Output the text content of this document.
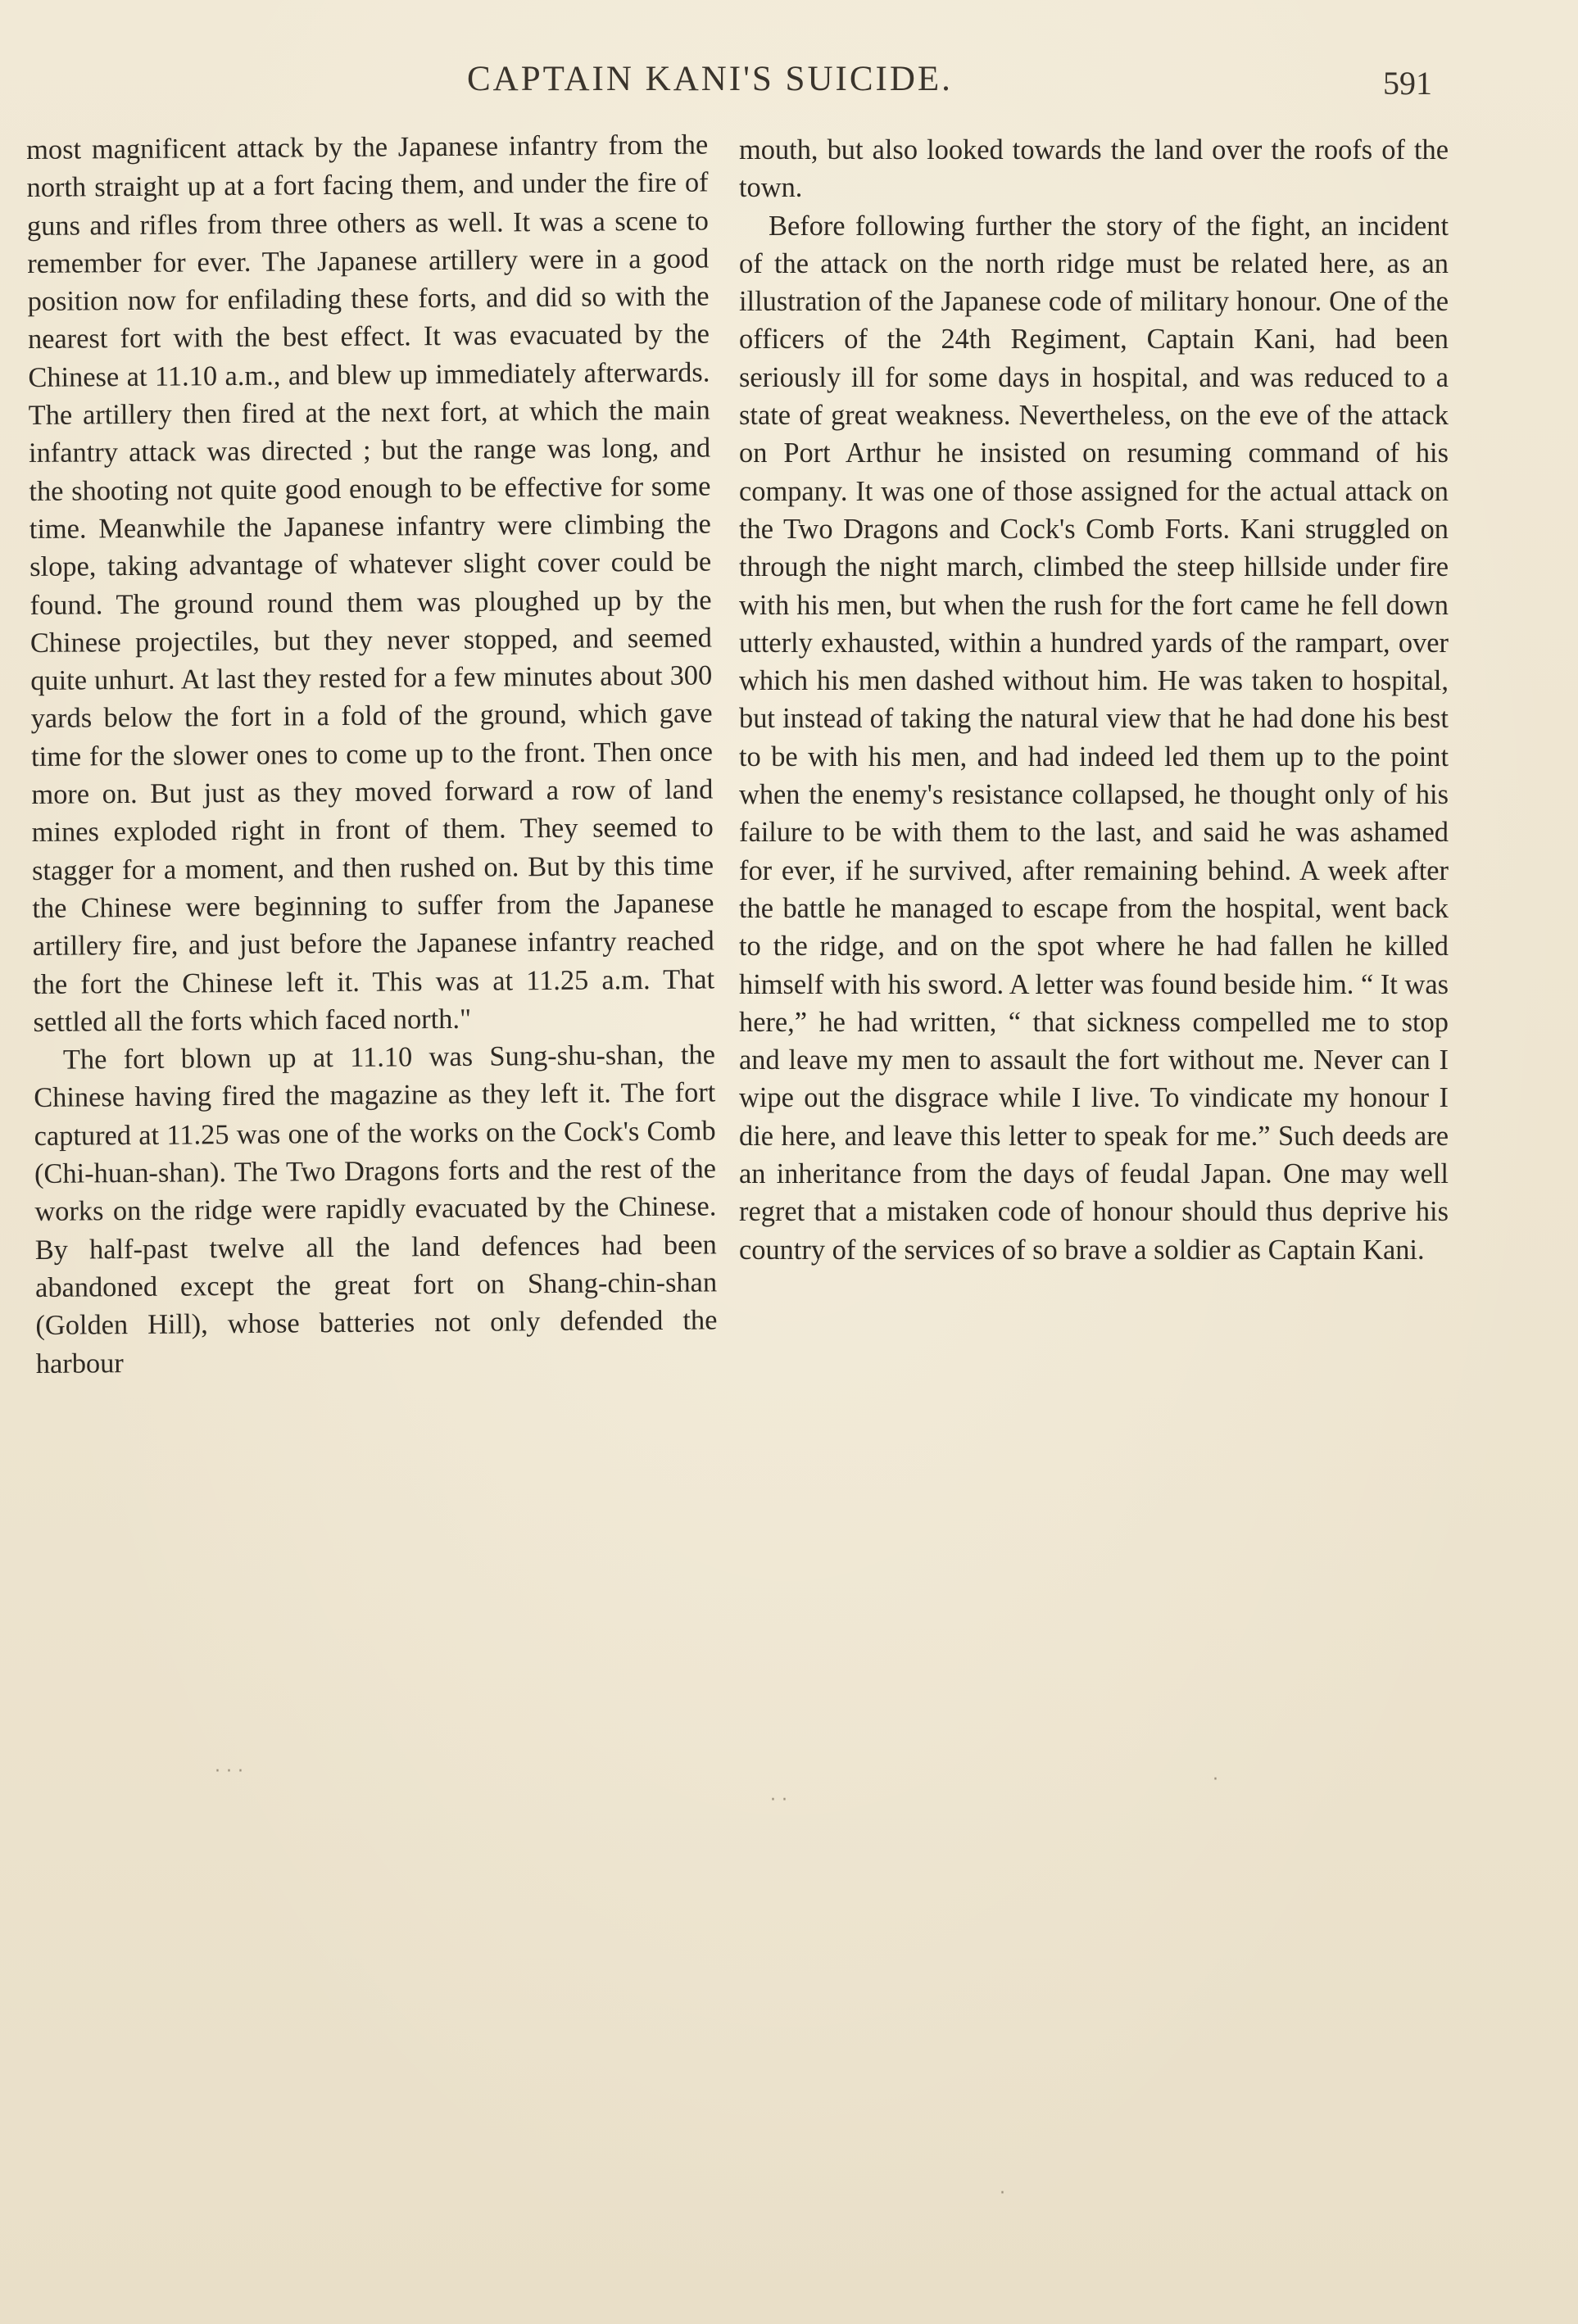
CAPTAIN KANI'S SUICIDE.	591

most magnificent attack by the Japanese infantry from the north straight up at a fort facing them, and under the fire of guns and rifles from three others as well. It was a scene to remember for ever. The Japanese artillery were in a good position now for enfilading these forts, and did so with the nearest fort with the best effect. It was evacuated by the Chinese at 11.10 a.m., and blew up immediately afterwards. The artillery then fired at the next fort, at which the main infantry attack was directed ; but the range was long, and the shooting not quite good enough to be effective for some time. Meanwhile the Japanese infantry were climbing the slope, taking advantage of whatever slight cover could be found. The ground round them was ploughed up by the Chinese projectiles, but they never stopped, and seemed quite unhurt. At last they rested for a few minutes about 300 yards below the fort in a fold of the ground, which gave time for the slower ones to come up to the front. Then once more on. But just as they moved forward a row of land mines exploded right in front of them. They seemed to stagger for a moment, and then rushed on. But by this time the Chinese were beginning to suffer from the Japanese artillery fire, and just before the Japanese infantry reached the fort the Chinese left it. This was at 11.25 a.m. That settled all the forts which faced north."

The fort blown up at 11.10 was Sung-shu-shan, the Chinese having fired the magazine as they left it. The fort captured at 11.25 was one of the works on the Cock's Comb (Chi-huan-shan). The Two Dragons forts and the rest of the works on the ridge were rapidly evacuated by the Chinese. By half-past twelve all the land defences had been abandoned except the great fort on Shang-chin-shan (Golden Hill), whose batteries not only defended the harbour

mouth, but also looked towards the land over the roofs of the town.

Before following further the story of the fight, an incident of the attack on the north ridge must be related here, as an illustration of the Japanese code of military honour. One of the officers of the 24th Regiment, Captain Kani, had been seriously ill for some days in hospital, and was reduced to a state of great weakness. Nevertheless, on the eve of the attack on Port Arthur he insisted on resuming command of his company. It was one of those assigned for the actual attack on the Two Dragons and Cock's Comb Forts. Kani struggled on through the night march, climbed the steep hillside under fire with his men, but when the rush for the fort came he fell down utterly exhausted, within a hundred yards of the rampart, over which his men dashed without him. He was taken to hospital, but instead of taking the natural view that he had done his best to be with his men, and had indeed led them up to the point when the enemy's resistance collapsed, he thought only of his failure to be with them to the last, and said he was ashamed for ever, if he survived, after remaining behind. A week after the battle he managed to escape from the hospital, went back to the ridge, and on the spot where he had fallen he killed himself with his sword. A letter was found beside him. “ It was here,” he had written, “ that sickness compelled me to stop and leave my men to assault the fort without me. Never can I wipe out the disgrace while I live. To vindicate my honour I die here, and leave this letter to speak for me.” Such deeds are an inheritance from the days of feudal Japan. One may well regret that a mistaken code of honour should thus deprive his country of the services of so brave a soldier as Captain Kani.

· · ·
· ·
·
·
